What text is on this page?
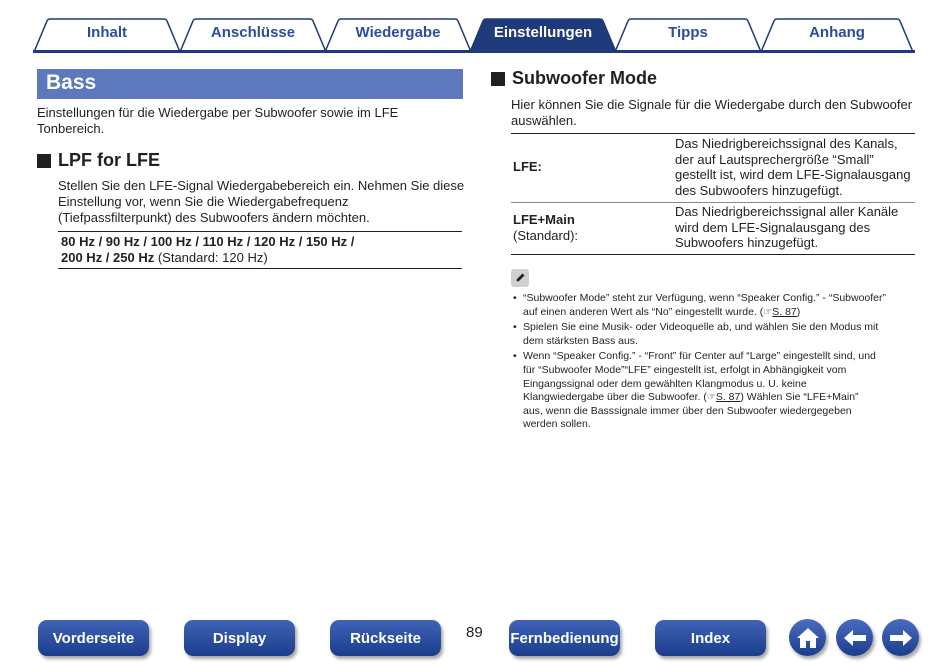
Inhalt	Anschlüsse	Wiedergabe	Einstellungen	Tipps	Anhang
Bass
Einstellungen für die Wiedergabe per Subwoofer sowie im LFE
Tonbereich.
LPF for LFE
Stellen Sie den LFE-Signal Wiedergabebereich ein. Nehmen Sie diese
Einstellung vor, wenn Sie die Wiedergabefrequenz
(Tiefpassfilterpunkt) des Subwoofers ändern möchten.
80 Hz / 90 Hz / 100 Hz / 110 Hz / 120 Hz / 150 Hz /
200 Hz / 250 Hz (Standard: 120 Hz)
Subwoofer Mode
Hier können Sie die Signale für die Wiedergabe durch den Subwoofer
auswählen.
LFE:
Das Niedrigbereichssignal des Kanals,
der auf Lautsprechergröße “Small”
gestellt ist, wird dem LFE-Signalausgang
des Subwoofers hinzugefügt.
LFE+Main
(Standard):
Das Niedrigbereichssignal aller Kanäle
wird dem LFE-Signalausgang des
Subwoofers hinzugefügt.
• “Subwoofer Mode” steht zur Verfügung, wenn “Speaker Config.” - “Subwoofer”
auf einen anderen Wert als “No” eingestellt wurde. (☞S. 87)
• Spielen Sie eine Musik- oder Videoquelle ab, und wählen Sie den Modus mit
dem stärksten Bass aus.
• Wenn “Speaker Config.” - “Front” für Center auf “Large” eingestellt sind, und
für “Subwoofer Mode”“LFE” eingestellt ist, erfolgt in Abhängigkeit vom
Eingangssignal oder dem gewählten Klangmodus u. U. keine
Klangwiedergabe über die Subwoofer. (☞S. 87) Wählen Sie “LFE+Main”
aus, wenn die Basssignale immer über den Subwoofer wiedergegeben
werden sollen.
Vorderseite	Display	Rückseite	89 Fernbedienung	Index
